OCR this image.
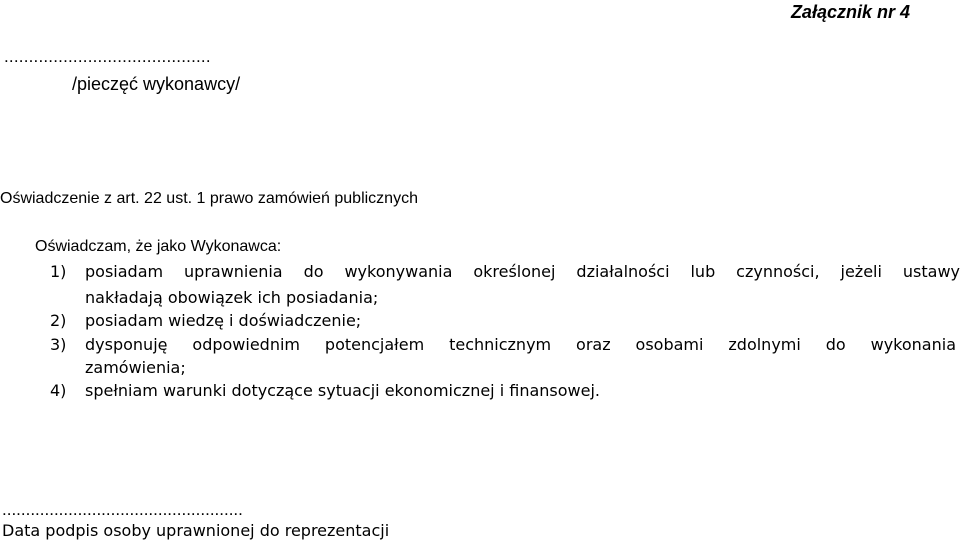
Załącznik nr 4
..........................................
/pieczęć wykonawcy/
Oświadczenie z art. 22 ust. 1 prawo zamówień publicznych
Oświadczam, że jako Wykonawca:
1) posiadam uprawnienia do wykonywania określonej działalności lub czynności, jeżeli ustawy
nakładają obowiązek ich posiadania;
2) posiadam wiedzę i doświadczenie;
3) dysponuję odpowiednim potencjałem technicznym oraz osobami zdolnymi do wykonania
zamówienia;
4) spełniam warunki dotyczące sytuacji ekonomicznej i finansowej.
...................................................
Data podpis osoby uprawnionej do reprezentacji
